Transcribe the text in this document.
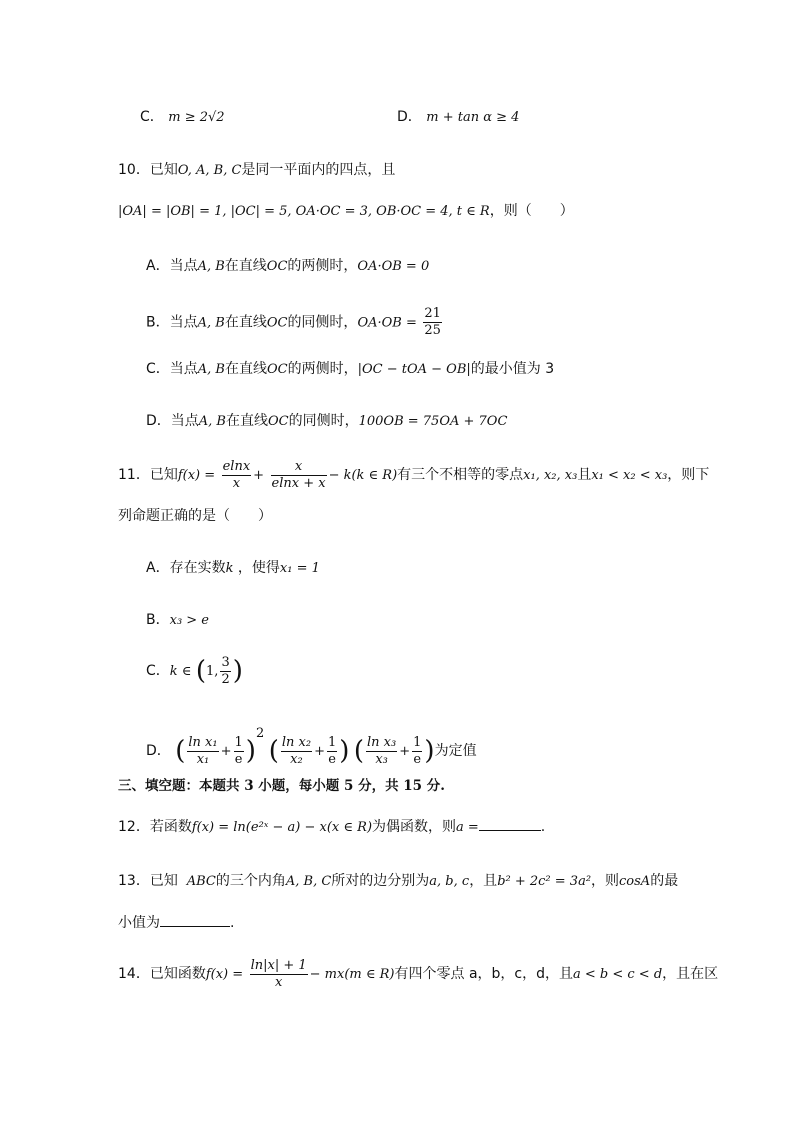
C． m ≥ 2√2	D． m + tan α ≥ 4
10．已知O, A, B, C是同一平面内的四点，且
|OA| = |OB| = 1, |OC| = 5, OA·OC = 3, OB·OC = 4, t ∈ R，则（　　）
A．当点A, B在直线OC的两侧时，OA·OB = 0
B．当点A, B在直线OC的同侧时，$OA\cdot OB = \frac{21}{25}$
C．当点A, B在直线OC的两侧时，|OC − tOA − OB|的最小值为 3
D．当点A, B在直线OC的同侧时，100OB = 75OA + 7OC
11．已知$f(x) = \frac{elnx}{x} + \frac{x}{elnx + x} - k(k$ ∈ R)有三个不相等的零点x₁, x₂, x₃且x₁ < x₂ < x₃，则下
列命题正确的是（　　）
A．存在实数k ，使得x₁ = 1
B．x₃ > e
C．k ∈ (1, $\frac{3}{2}$ )
D． ( $\frac{\text{ln x₁}}{\text{x₁}} + \frac{1}{e} )^2$ ( $\frac{\text{ln x₂}}{\text{x₂}} + \frac{1}{e}$ ) ( $\frac{\text{ln x₃}}{\text{x₃}} + \frac{1}{e}$ )为定值
三、填空题：本题共 3 小题，每小题 5 分，共 15 分.
12．若函数f(x) = ln(e²ˣ − a) − x(x ∈ R)为偶函数，则a =	.
13．已知 ABC的三个内角A, B, C所对的边分别为a, b, c，且b² + 2c² = 3a²，则cosA的最
小值为	.
14．已知函数$f(x) = \frac{\ln|x| + 1}{x} - mx(m$ ∈ R)有四个零点 a，b，c，d，且a < b < c < d，且在区
